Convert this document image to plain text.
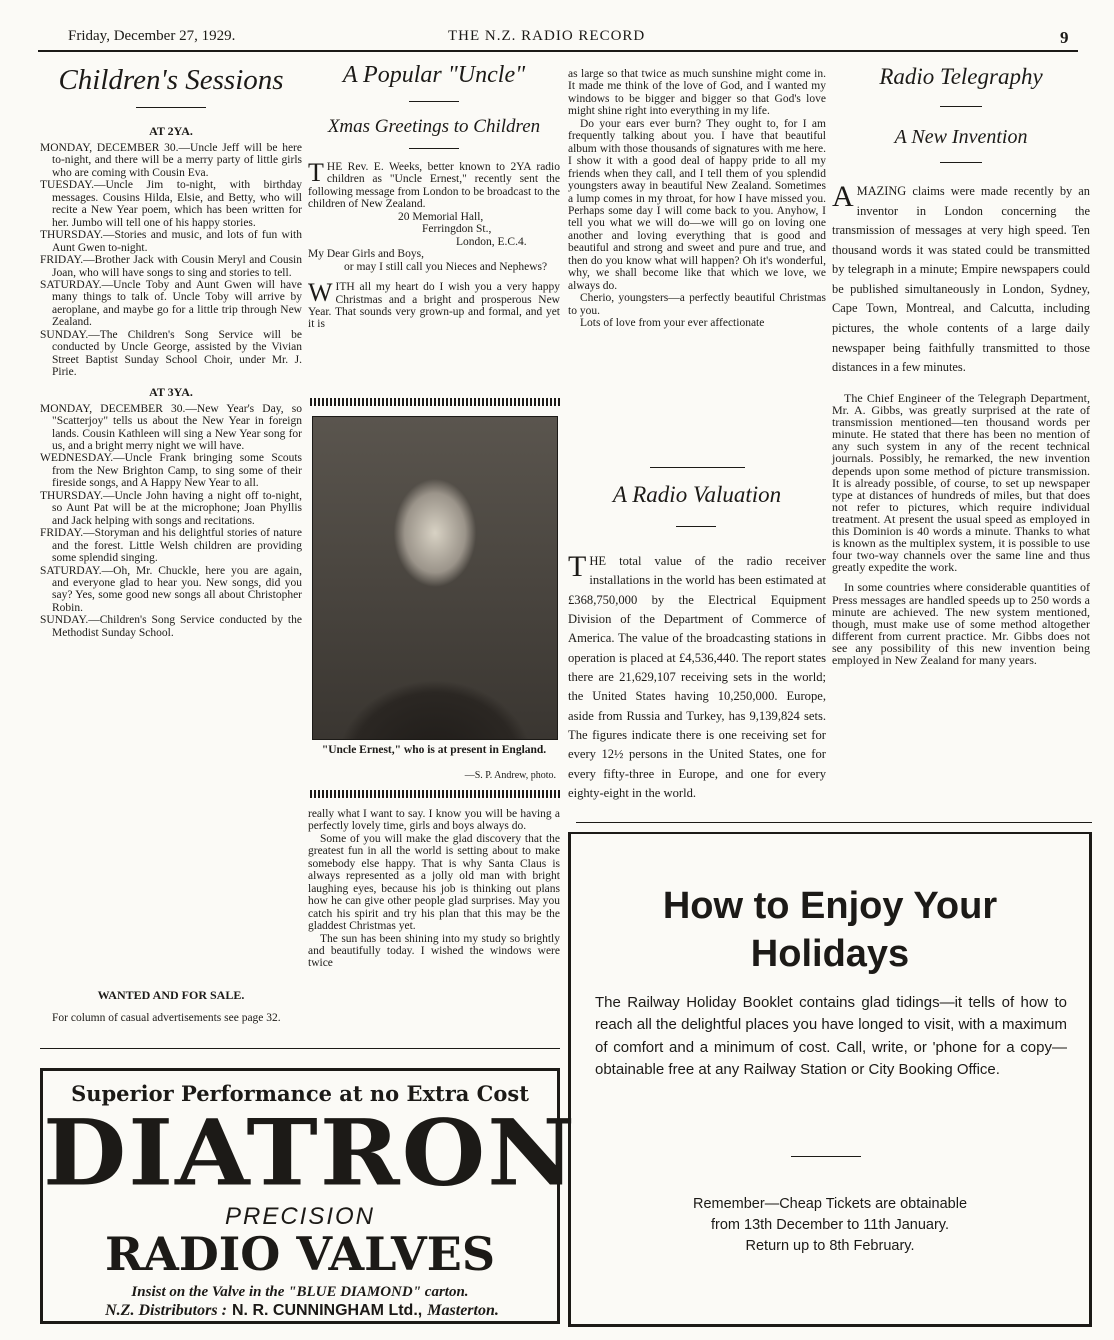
Friday, December 27, 1929.	THE N.Z. RADIO RECORD	9
Children's Sessions
AT 2YA.

MONDAY, DECEMBER 30.—Uncle Jeff will be here to-night, and there will be a merry party of little girls who are coming with Cousin Eva.

TUESDAY.—Uncle Jim to-night, with birthday messages. Cousins Hilda, Elsie, and Betty, who will recite a New Year poem, which has been written for her. Jumbo will tell one of his happy stories.

THURSDAY.—Stories and music, and lots of fun with Aunt Gwen to-night.

FRIDAY.—Brother Jack with Cousin Meryl and Cousin Joan, who will have songs to sing and stories to tell.

SATURDAY.—Uncle Toby and Aunt Gwen will have many things to talk of. Uncle Toby will arrive by aeroplane, and maybe go for a little trip through New Zealand.

SUNDAY.—The Children's Song Service will be conducted by Uncle George, assisted by the Vivian Street Baptist Sunday School Choir, under Mr. J. Pirie.

AT 3YA.

MONDAY, DECEMBER 30.—New Year's Day, so "Scatterjoy" tells us about the New Year in foreign lands. Cousin Kathleen will sing a New Year song for us, and a bright merry night we will have.

WEDNESDAY.—Uncle Frank bringing some Scouts from the New Brighton Camp, to sing some of their fireside songs, and A Happy New Year to all.

THURSDAY.—Uncle John having a night off to-night, so Aunt Pat will be at the microphone; Joan Phyllis and Jack helping with songs and recitations.

FRIDAY.—Storyman and his delightful stories of nature and the forest. Little Welsh children are providing some splendid singing.

SATURDAY.—Oh, Mr. Chuckle, here you are again, and everyone glad to hear you. New songs, did you say? Yes, some good new songs all about Christopher Robin.

SUNDAY.—Children's Song Service conducted by the Methodist Sunday School.

WANTED AND FOR SALE.
For column of casual advertisements see page 32.
A Popular "Uncle"
Xmas Greetings to Children
THE Rev. E. Weeks, better known to 2YA radio children as "Uncle Ernest," recently sent the following message from London to be broadcast to the children of New Zealand.
20 Memorial Hall,
Ferringdon St.,
London, E.C.4.
My Dear Girls and Boys,
or may I still call you Nieces and Nephews?
WITH all my heart do I wish you a very happy Christmas and a bright and prosperous New Year. That sounds very grown-up and formal, and yet it is
"Uncle Ernest," who is at present in England.
—S. P. Andrew, photo.

really what I want to say. I know you will be having a perfectly lovely time, girls and boys always do.

Some of you will make the glad discovery that the greatest fun in all the world is setting about to make somebody else happy. That is why Santa Claus is always represented as a jolly old man with bright laughing eyes, because his job is thinking out plans how he can give other people glad surprises. May you catch his spirit and try his plan that this may be the gladdest Christmas yet.

The sun has been shining into my study so brightly and beautifully today. I wished the windows were twice

as large so that twice as much sunshine might come in. It made me think of the love of God, and I wanted my windows to be bigger and bigger so that God's love might shine right into everything in my life.

Do your ears ever burn? They ought to, for I am frequently talking about you. I have that beautiful album with those thousands of signatures with me here. I show it with a good deal of happy pride to all my friends when they call, and I tell them of you splendid youngsters away in beautiful New Zealand. Sometimes a lump comes in my throat, for how I have missed you. Perhaps some day I will come back to you. Anyhow, I tell you what we will do—we will go on loving one another and loving everything that is good and beautiful and strong and sweet and pure and true, and then do you know what will happen? Oh it's wonderful, why, we shall become like that which we love, we always do.

Cherio, youngsters—a perfectly beautiful Christmas to you.

Lots of love from your ever affectionate

A Radio Valuation
THE total value of the radio receiver installations in the world has been estimated at £368,750,000 by the Electrical Equipment Division of the Department of Commerce of America. The value of the broadcasting stations in operation is placed at £4,536,440. The report states there are 21,629,107 receiving sets in the world; the United States having 10,250,000. Europe, aside from Russia and Turkey, has 9,139,824 sets. The figures indicate there is one receiving set for every 12½ persons in the United States, one for every fifty-three in Europe, and one for every eighty-eight in the world.
Radio Telegraphy
A New Invention
AMAZING claims were made recently by an inventor in London concerning the transmission of messages at very high speed. Ten thousand words it was stated could be transmitted by telegraph in a minute; Empire newspapers could be published simultaneously in London, Sydney, Cape Town, Montreal, and Calcutta, including pictures, the whole contents of a large daily newspaper being faithfully transmitted to those distances in a few minutes.

The Chief Engineer of the Telegraph Department, Mr. A. Gibbs, was greatly surprised at the rate of transmission mentioned—ten thousand words per minute. He stated that there has been no mention of any such system in any of the recent technical journals. Possibly, he remarked, the new invention depends upon some method of picture transmission. It is already possible, of course, to set up newspaper type at distances of hundreds of miles, but that does not refer to pictures, which require individual treatment. At present the usual speed as employed in this Dominion is 40 words a minute. Thanks to what is known as the multiplex system, it is possible to use four two-way channels over the same line and thus greatly expedite the work.

In some countries where considerable quantities of Press messages are handled speeds up to 250 words a minute are achieved. The new system mentioned, though, must make use of some method altogether different from current practice. Mr. Gibbs does not see any possibility of this new invention being employed in New Zealand for many years.

Superior Performance at no Extra Cost
DIATRON
PRECISION
RADIO VALVES
Insist on the Valve in the "BLUE DIAMOND" carton.
N.Z. Distributors : N. R. CUNNINGHAM Ltd., Masterton.
How to Enjoy Your
Holidays
The Railway Holiday Booklet contains glad tidings—it tells of how to reach all the delightful places you have longed to visit, with a maximum of comfort and a minimum of cost. Call, write, or 'phone for a copy—obtainable free at any Railway Station or City Booking Office.
Remember—Cheap Tickets are obtainable
from 13th December to 11th January.
Return up to 8th February.
